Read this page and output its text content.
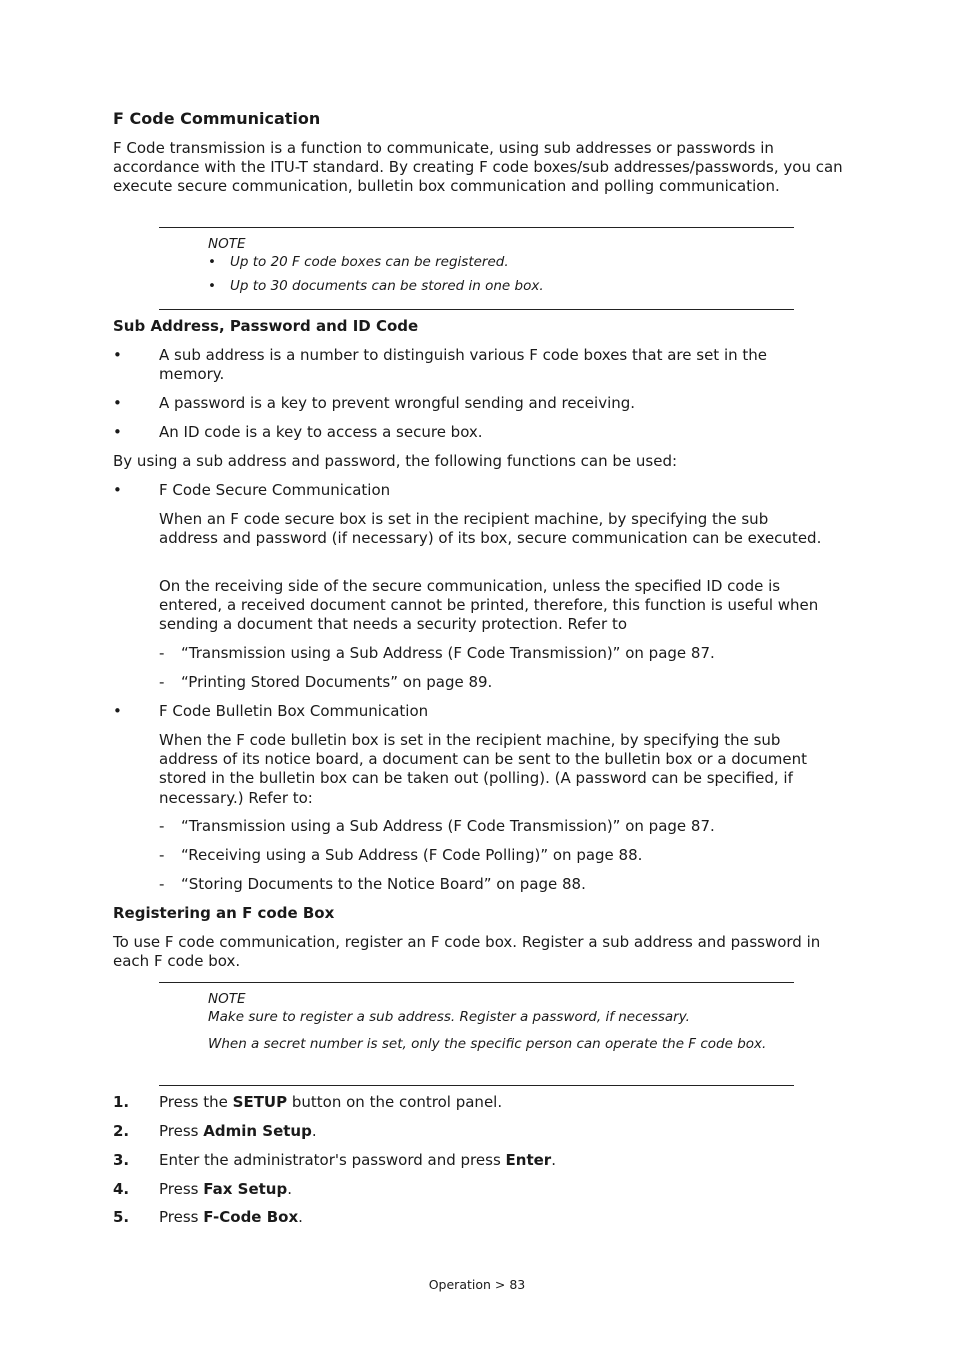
F Code Communication

F Code transmission is a function to communicate, using sub addresses or passwords in accordance with the ITU-T standard. By creating F code boxes/sub addresses/passwords, you can execute secure communication, bulletin box communication and polling communication.

NOTE
• Up to 20 F code boxes can be registered.
• Up to 30 documents can be stored in one box.
Sub Address, Password and ID Code
• A sub address is a number to distinguish various F code boxes that are set in the memory.

• A password is a key to prevent wrongful sending and receiving.

• An ID code is a key to access a secure box.

By using a sub address and password, the following functions can be used:

• F Code Secure Communication

When an F code secure box is set in the recipient machine, by specifying the sub address and password (if necessary) of its box, secure communication can be executed.

On the receiving side of the secure communication, unless the specified ID code is entered, a received document cannot be printed, therefore, this function is useful when sending a document that needs a security protection. Refer to

- “Transmission using a Sub Address (F Code Transmission)” on page 87.

- “Printing Stored Documents” on page 89.

• F Code Bulletin Box Communication

When the F code bulletin box is set in the recipient machine, by specifying the sub address of its notice board, a document can be sent to the bulletin box or a document stored in the bulletin box can be taken out (polling). (A password can be specified, if necessary.) Refer to:

- “Transmission using a Sub Address (F Code Transmission)” on page 87.

- “Receiving using a Sub Address (F Code Polling)” on page 88.

- “Storing Documents to the Notice Board” on page 88.

Registering an F code Box

To use F code communication, register an F code box. Register a sub address and password in each F code box.

NOTE
Make sure to register a sub address. Register a password, if necessary.
When a secret number is set, only the specific person can operate the F code box.
1. Press the SETUP button on the control panel.

2. Press Admin Setup.

3. Enter the administrator's password and press Enter.

4. Press Fax Setup.

5. Press F-Code Box.

Operation > 83
